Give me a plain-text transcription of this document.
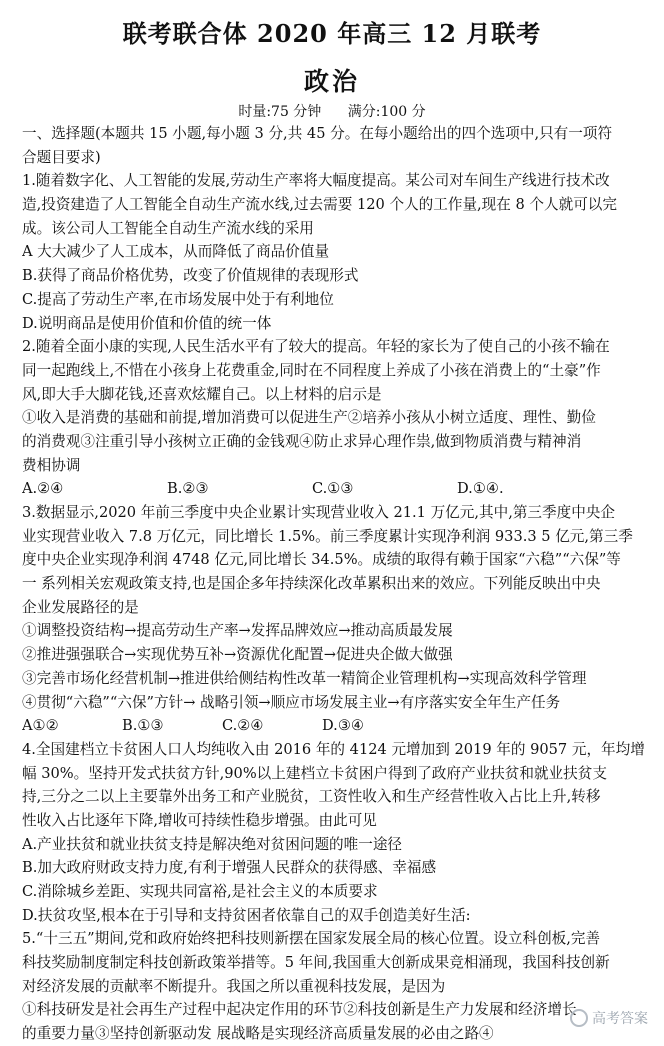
联考联合体 2020 年高三 12 月联考
政治
时量:75 分钟 满分:100 分
一、选择题(本题共 15 小题,每小题 3 分,共 45 分。在每小题给出的四个选项中,只有一项符
合题目要求)
1.随着数字化、人工智能的发展,劳动生产率将大幅度提高。某公司对车间生产线进行技术改
造,投资建造了人工智能全自动生产流水线,过去需要 120 个人的工作量,现在 8 个人就可以完
成。该公司人工智能全自动生产流水线的采用
A 大大减少了人工成本，从而降低了商品价值量
B.获得了商品价格优势，改变了价值规律的表现形式
C.提高了劳动生产率,在市场发展中处于有利地位
D.说明商品是使用价值和价值的统一体
2.随着全面小康的实现,人民生活水平有了较大的提高。年轻的家长为了使自己的小孩不输在
同一起跑线上,不惜在小孩身上花费重金,同时在不同程度上养成了小孩在消费上的“土豪”作
风,即大手大脚花钱,还喜欢炫耀自己。以上材料的启示是
①收入是消费的基础和前提,增加消费可以促进生产②培养小孩从小树立适度、理性、勤俭
的消费观③注重引导小孩树立正确的金钱观④防止求异心理作祟,做到物质消费与精神消
费相协调
A.②④	B.②③	C.①③	D.①④.
3.数据显示,2020 年前三季度中央企业累计实现营业收入 21.1 万亿元,其中,第三季度中央企
业实现营业收入 7.8 万亿元，同比增长 1.5%。前三季度累计实现净利润 933.3 5 亿元,第三季
度中央企业实现净利润 4748 亿元,同比增长 34.5%。成绩的取得有赖于国家“六稳”“六保”等
一 系列相关宏观政策支持,也是国企多年持续深化改革累积出来的效应。下列能反映出中央
企业发展路径的是
①调整投资结构→提高劳动生产率→发挥品牌效应→推动高质最发展
②推进强强联合→实现优势互补→资源优化配置→促进央企做大做强
③完善市场化经营机制→推进供给侧结构性改革一精简企业管理机构→实现高效科学管理
④贯彻“六稳”“六保”方针→ 战略引领→顺应市场发展主业→有序落实安全年生产任务
A①②	B.①③	C.②④	D.③④
4.全国建档立卡贫困人口人均纯收入由 2016 年的 4124 元增加到 2019 年的 9057 元，年均增
幅 30%。坚持开发式扶贫方针,90%以上建档立卡贫困户得到了政府产业扶贫和就业扶贫支
持,三分之二以上主要靠外出务工和产业脱贫，工资性收入和生产经营性收入占比上升,转移
性收入占比逐年下降,增收可持续性稳步增强。由此可见
A.产业扶贫和就业扶贫支持是解决绝对贫困问题的唯一途径
B.加大政府财政支持力度,有利于增强人民群众的获得感、幸福感
C.消除城乡差距、实现共同富裕,是社会主义的本质要求
D.扶贫攻坚,根本在于引导和支持贫困者依靠自己的双手创造美好生活:
5.“十三五”期间,党和政府始终把科技则新摆在国家发展全局的核心位置。设立科创板,完善
科技奖励制度制定科技创新政策举措等。5 年间,我国重大创新成果竞相涌现，我国科技创新
对经济发展的贡献率不断提升。我国之所以重视科技发展，是因为
①科技研发是社会再生产过程中起决定作用的环节②科技创新是生产力发展和经济增长
的重要力量③坚持创新驱动发 展战略是实现经济高质量发展的必由之路④
高考答案
